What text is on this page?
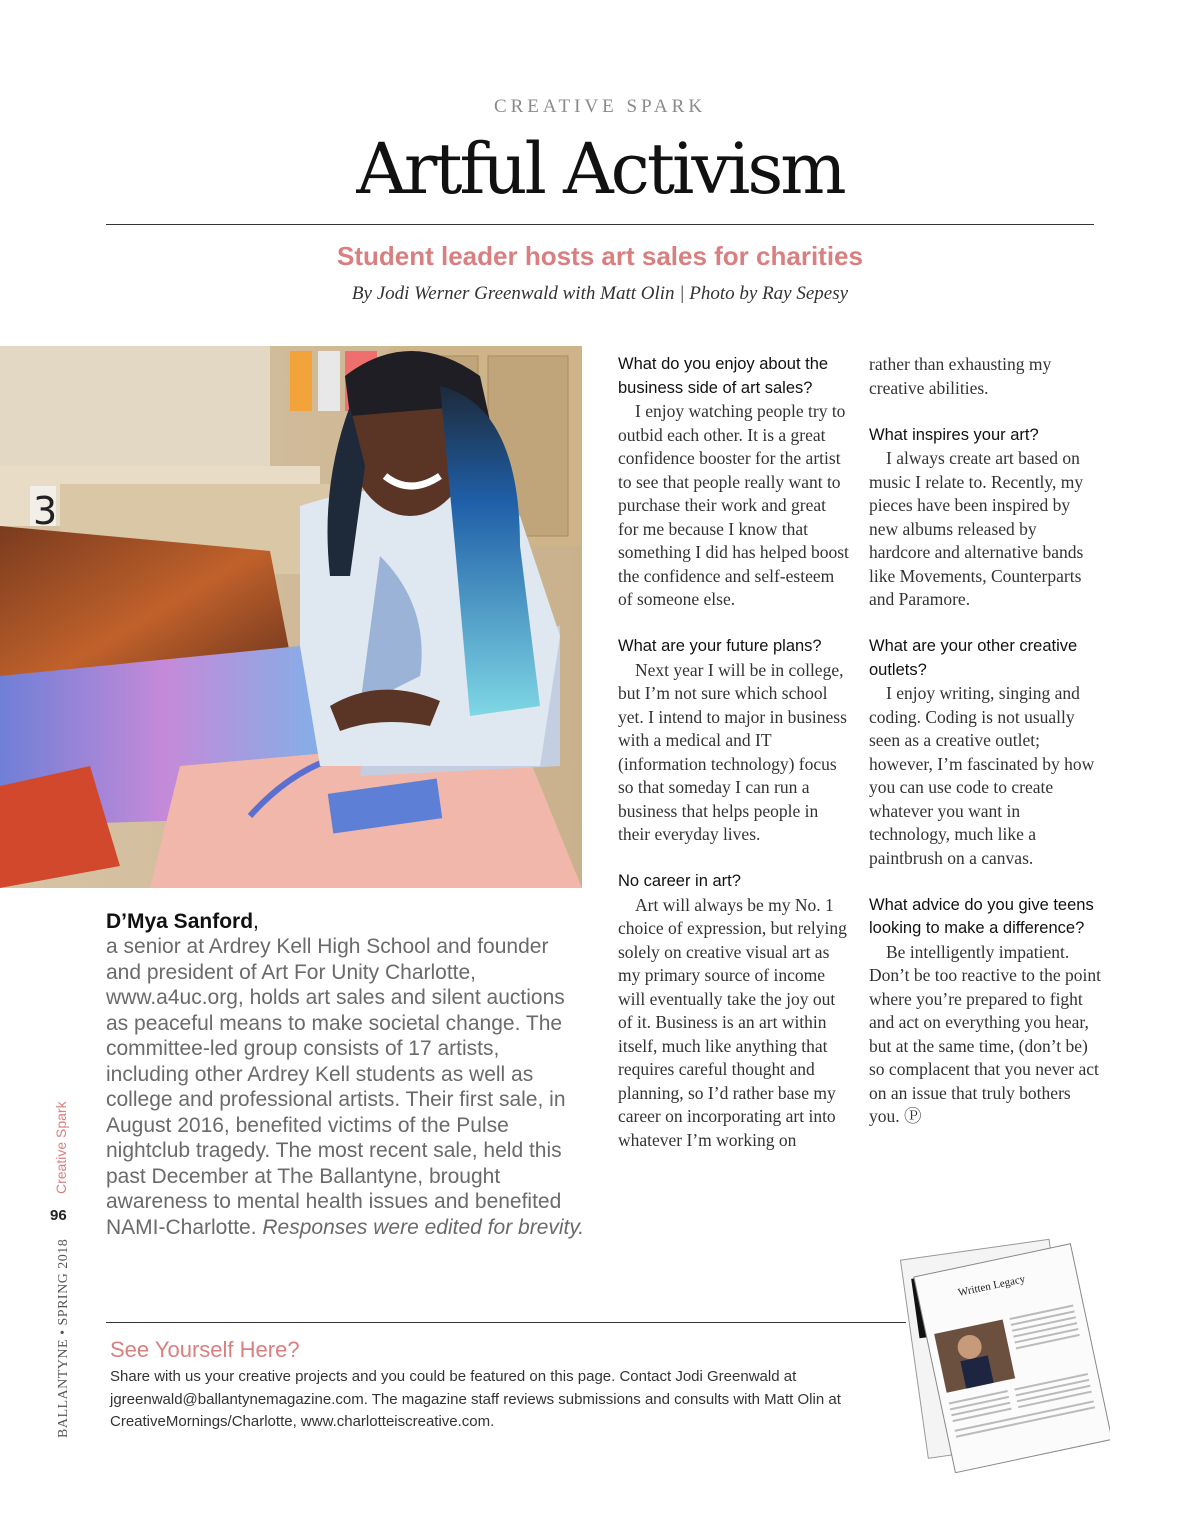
CREATIVE SPARK
Artful Activism
Student leader hosts art sales for charities
By Jodi Werner Greenwald with Matt Olin | Photo by Ray Sepesy
3
D’Mya Sanford,
a senior at Ardrey Kell High School and founder and president of Art For Unity Charlotte, www.a4uc.org, holds art sales and silent auctions as peaceful means to make societal change. The committee-led group consists of 17 artists, including other Ardrey Kell students as well as college and professional artists. Their first sale, in August 2016, benefited victims of the Pulse nightclub tragedy. The most recent sale, held this past December at The Ballantyne, brought awareness to mental health issues and benefited NAMI-Charlotte. Responses were edited for brevity.
What do you enjoy about the business side of art sales?

I enjoy watching people try to outbid each other. It is a great confidence booster for the artist to see that people really want to purchase their work and great for me because I know that something I did has helped boost the confidence and self-esteem of someone else.

What are your future plans?

Next year I will be in college, but I’m not sure which school yet. I intend to major in business with a medical and IT (information technology) focus so that someday I can run a business that helps people in their everyday lives.

No career in art?

Art will always be my No. 1 choice of expression, but relying solely on creative visual art as my primary source of income will eventually take the joy out of it. Business is an art within itself, much like anything that requires careful thought and planning, so I’d rather base my career on incorporating art into whatever I’m working on

rather than exhausting my creative abilities.

What inspires your art?

I always create art based on music I relate to. Recently, my pieces have been inspired by new albums released by hardcore and alternative bands like Movements, Counterparts and Paramore.

What are your other creative outlets?

I enjoy writing, singing and coding. Coding is not usually seen as a creative outlet; however, I’m fascinated by how you can use code to create whatever you want in technology, much like a paintbrush on a canvas.

What advice do you give teens looking to make a difference?

Be intelligently impatient. Don’t be too reactive to the point where you’re prepared to fight and act on everything you hear, but at the same time, (don’t be) so complacent that you never act on an issue that truly bothers you. Ⓟ

BALLANTYNE • SPRING 2018
Creative Spark
96
See Yourself Here?
Share with us your creative projects and you could be featured on this page. Contact Jodi Greenwald at jgreenwald@ballantynemagazine.com. The magazine staff reviews submissions and consults with Matt Olin at CreativeMornings/Charlotte, www.charlotteiscreative.com.
Written Legacy
